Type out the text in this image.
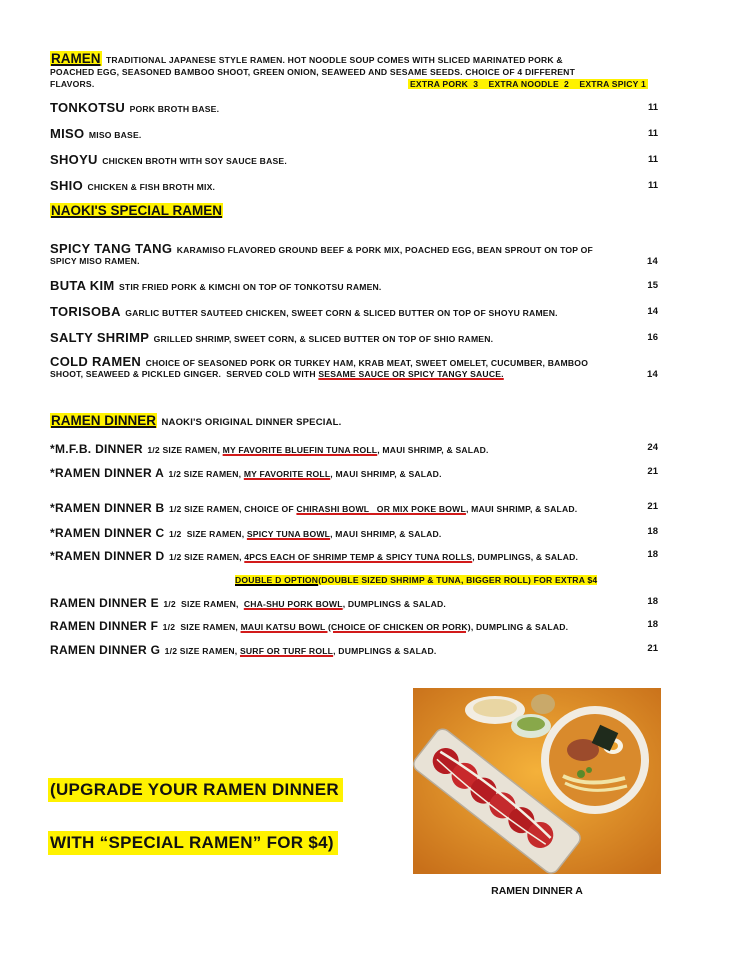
RAMEN TRADITIONAL JAPANESE STYLE RAMEN. HOT NOODLE SOUP COMES WITH SLICED MARINATED PORK &
POACHED EGG, SEASONED BAMBOO SHOOT, GREEN ONION, SEAWEED AND SESAME SEEDS. CHOICE OF 4 DIFFERENT
FLAVORS.	EXTRA PORK  3    EXTRA NOODLE  2    EXTRA SPICY 1
TONKOTSU PORK BROTH BASE.	11
MISO MISO BASE.	11
SHOYU CHICKEN BROTH WITH SOY SAUCE BASE.	11
SHIO CHICKEN & FISH BROTH MIX.	11
NAOKI'S SPECIAL RAMEN
SPICY TANG TANG KARAMISO FLAVORED GROUND BEEF & PORK MIX, POACHED EGG, BEAN SPROUT ON TOP OF
SPICY MISO RAMEN.	14
BUTA KIM STIR FRIED PORK & KIMCHI ON TOP OF TONKOTSU RAMEN.	15
TORISOBA GARLIC BUTTER SAUTEED CHICKEN, SWEET CORN & SLICED BUTTER ON TOP OF SHOYU RAMEN.	14
SALTY SHRIMP GRILLED SHRIMP, SWEET CORN, & SLICED BUTTER ON TOP OF SHIO RAMEN.	16
COLD RAMEN CHOICE OF SEASONED PORK OR TURKEY HAM, KRAB MEAT, SWEET OMELET, CUCUMBER, BAMBOO
SHOOT, SEAWEED & PICKLED GINGER.  SERVED COLD WITH SESAME SAUCE OR SPICY TANGY SAUCE.	14
RAMEN DINNER NAOKI'S ORIGINAL DINNER SPECIAL.
*M.F.B. DINNER 1/2 SIZE RAMEN, MY FAVORITE BLUEFIN TUNA ROLL, MAUI SHRIMP, & SALAD.	24
*RAMEN DINNER A 1/2 SIZE RAMEN, MY FAVORITE ROLL, MAUI SHRIMP, & SALAD.	21
*RAMEN DINNER B 1/2 SIZE RAMEN, CHOICE OF CHIRASHI BOWL   OR MIX POKE BOWL, MAUI SHRIMP, & SALAD.	21
*RAMEN DINNER C 1/2  SIZE RAMEN, SPICY TUNA BOWL, MAUI SHRIMP, & SALAD.	18
*RAMEN DINNER D 1/2 SIZE RAMEN, 4PCS EACH OF SHRIMP TEMP & SPICY TUNA ROLLS, DUMPLINGS, & SALAD.	18
DOUBLE D OPTION(DOUBLE SIZED SHRIMP & TUNA, BIGGER ROLL) FOR EXTRA $4
RAMEN DINNER E 1/2  SIZE RAMEN,  CHA-SHU PORK BOWL, DUMPLINGS & SALAD.	18
RAMEN DINNER F 1/2  SIZE RAMEN, MAUI KATSU BOWL (CHOICE OF CHICKEN OR PORK), DUMPLING & SALAD.	18
RAMEN DINNER G 1/2 SIZE RAMEN, SURF OR TURF ROLL, DUMPLINGS & SALAD.	21
(UPGRADE YOUR RAMEN DINNER
WITH “SPECIAL RAMEN” FOR $4)
RAMEN DINNER A
